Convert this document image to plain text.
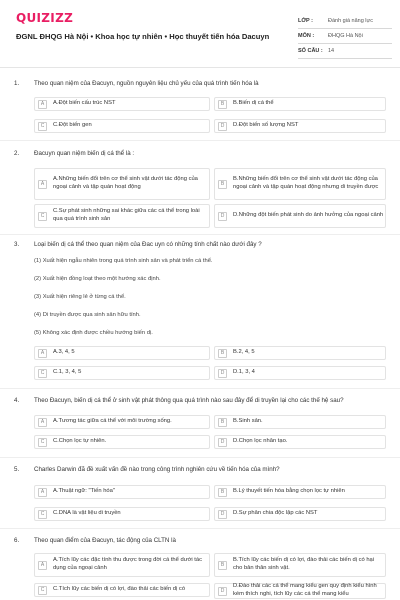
QUIZIZZ
ĐGNL ĐHQG Hà Nội • Khoa học tự nhiên • Học thuyết tiến hóa Dacuyn
LỚP :	Đánh giá năng lực
MÔN :	ĐHQG Hà Nội
SỐ CÂU : 14
1. Theo quan niệm của Đacuyn, nguồn nguyên liệu chủ yếu của quá trình tiến hóa là
A	A.Đột biến cấu trúc NST	B	B.Biến dị cá thể
C	C.Đột biến gen	D	D.Đột biến số lượng NST
2. Đacuyn quan niệm biến dị cá thể là :
A
A.Những biến đổi trên cơ thể sinh vật dưới tác động của ngoại cảnh và tập quán hoạt động	B
B.Những biến đổi trên cơ thể sinh vật dưới tác động của ngoại cảnh và tập quán hoạt động nhưng di truyền được
C
C.Sự phát sinh những sai khác giữa các cá thể trong loài qua quá trình sinh sản	D	D.Những đột biến phát sinh do ảnh hưởng của ngoại cảnh
3. Loại biến dị cá thể theo quan niệm của Đac uyn có những tính chất nào dưới đây ?
(1) Xuất hiện ngẫu nhiên trong quá trình sinh sản và phát triển cá thể.
(2) Xuất hiện đồng loạt theo một hướng xác định.
(3) Xuất hiện riêng lẻ ở từng cá thể.
(4) Di truyền được qua sinh sản hữu tính.
(5) Không xác định được chiều hướng biến dị.
A	A.3, 4, 5	B	B.2, 4, 5
C	C.1, 3, 4, 5	D	D.1, 3, 4
4. Theo Đacuyn, biến dị cá thể ở sinh vật phát thông qua quá trình nào sau đây để di truyền lại cho các thế hệ sau?
A	A.Tương tác giữa cá thể với môi trường sống.	B	B.Sinh sản.
C	C.Chọn lọc tự nhiên.	D	D.Chọn lọc nhân tạo.
5. Charles Darwin đã đề xuất vấn đề nào trong công trình nghiên cứu về tiến hóa của mình?
A	A.Thuật ngữ: "Tiến hóa"	B	B.Lý thuyết tiến hóa bằng chọn lọc tự nhiên
C	C.DNA là vật liệu di truyền	D	D.Sự phân chia độc lập các NST
6. Theo quan điểm của Đacuyn, tác động của CLTN là
A
A.Tích lũy các đặc tính thu được trong đời cá thể dưới tác dụng của ngoại cảnh	B
B.Tích lũy các biến dị có lợi, đào thải các biến dị có hại cho bản thân sinh vật.
C	C.Tích lũy các biến dị có lợi, đào thải các biến dị có	D
D.Đào thải các cá thể mang kiểu gen quy định kiểu hình kém thích nghi, tích lũy các cá thể mang kiểu
